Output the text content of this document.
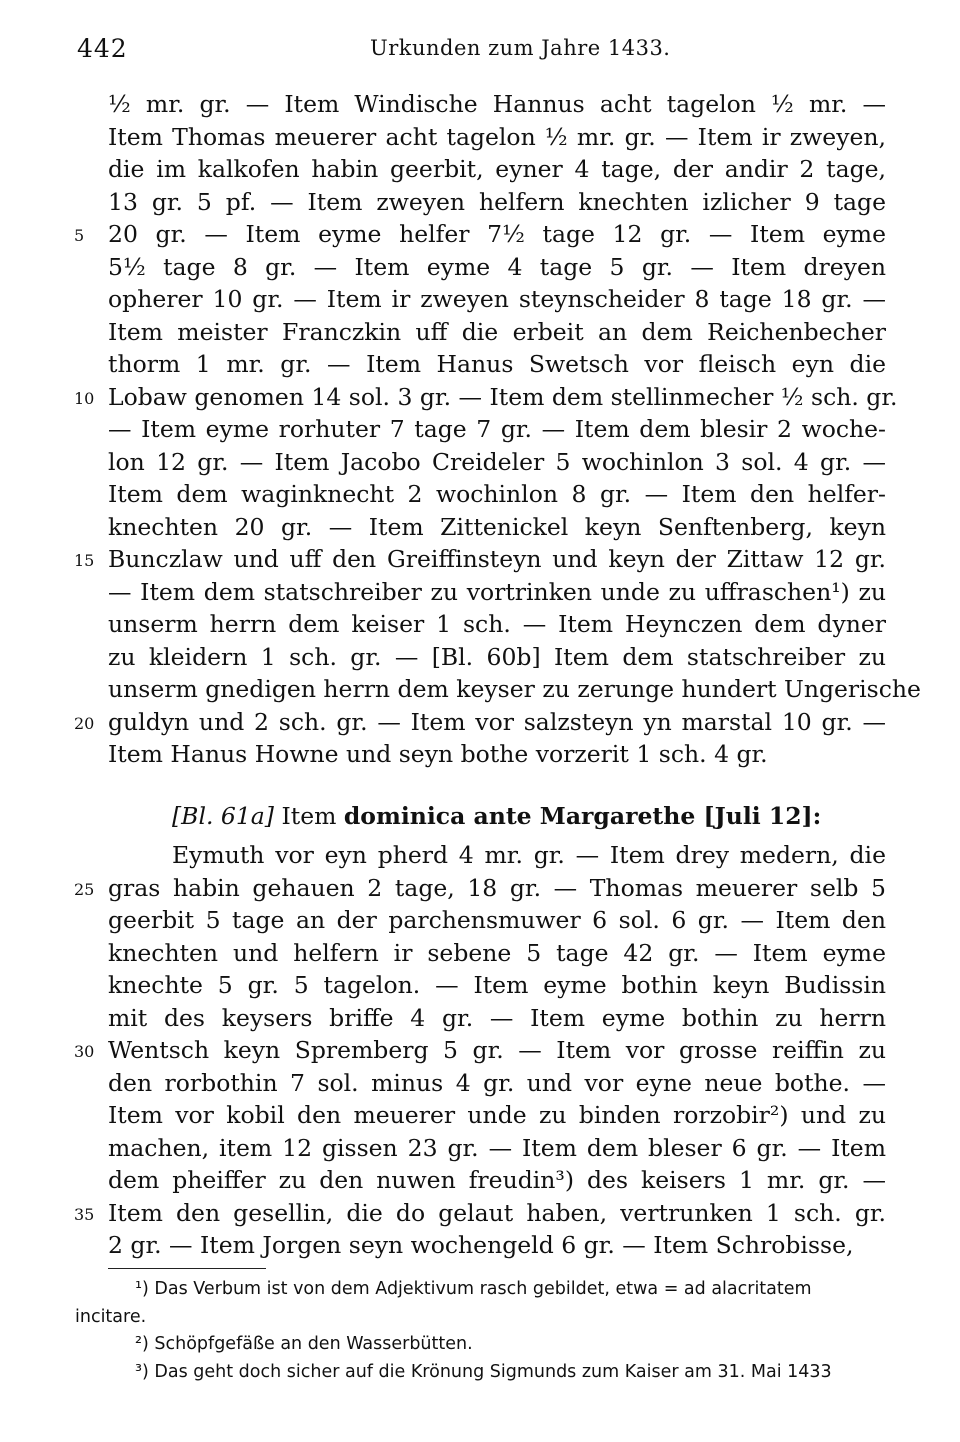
442	Urkunden zum Jahre 1433.
½ mr. gr. — Item Windische Hannus acht tagelon ½ mr. —
Item Thomas meuerer acht tagelon ½ mr. gr. — Item ir zweyen,
die im kalkofen habin geerbit, eyner 4 tage, der andir 2 tage,
13 gr. 5 pf. — Item zweyen helfern knechten izlicher 9 tage
5 20 gr. — Item eyme helfer 7½ tage 12 gr. — Item eyme
5½ tage 8 gr. — Item eyme 4 tage 5 gr. — Item dreyen
opherer 10 gr. — Item ir zweyen steynscheider 8 tage 18 gr. —
Item meister Franczkin uff die erbeit an dem Reichenbecher
thorm 1 mr. gr. — Item Hanus Swetsch vor fleisch eyn die
10 Lobaw genomen 14 sol. 3 gr. — Item dem stellinmecher ½ sch. gr.
— Item eyme rorhuter 7 tage 7 gr. — Item dem blesir 2 woche-
lon 12 gr. — Item Jacobo Creideler 5 wochinlon 3 sol. 4 gr. —
Item dem waginknecht 2 wochinlon 8 gr. — Item den helfer-
knechten 20 gr. — Item Zittenickel keyn Senftenberg, keyn
15 Bunczlaw und uff den Greiffinsteyn und keyn der Zittaw 12 gr.
— Item dem statschreiber zu vortrinken unde zu uffraschen¹) zu
unserm herrn dem keiser 1 sch. — Item Heynczen dem dyner
zu kleidern 1 sch. gr. — [Bl. 60b] Item dem statschreiber zu
unserm gnedigen herrn dem keyser zu zerunge hundert Ungerische
20 guldyn und 2 sch. gr. — Item vor salzsteyn yn marstal 10 gr. —
Item Hanus Howne und seyn bothe vorzerit 1 sch. 4 gr.
[Bl. 61a] Item dominica ante Margarethe [Juli 12]:
Eymuth vor eyn pherd 4 mr. gr. — Item drey medern, die
25 gras habin gehauen 2 tage, 18 gr. — Thomas meuerer selb 5
geerbit 5 tage an der parchensmuwer 6 sol. 6 gr. — Item den
knechten und helfern ir sebene 5 tage 42 gr. — Item eyme
knechte 5 gr. 5 tagelon. — Item eyme bothin keyn Budissin
mit des keysers briffe 4 gr. — Item eyme bothin zu herrn
30 Wentsch keyn Spremberg 5 gr. — Item vor grosse reiffin zu
den rorbothin 7 sol. minus 4 gr. und vor eyne neue bothe. —
Item vor kobil den meuerer unde zu binden rorzobir²) und zu
machen, item 12 gissen 23 gr. — Item dem bleser 6 gr. — Item
dem pheiffer zu den nuwen freudin³) des keisers 1 mr. gr. —
35 Item den gesellin, die do gelaut haben, vertrunken 1 sch. gr.
2 gr. — Item Jorgen seyn wochengeld 6 gr. — Item Schrobisse,
¹) Das Verbum ist von dem Adjektivum rasch gebildet, etwa = ad alacritatem
incitare.
²) Schöpfgefäße an den Wasserbütten.
³) Das geht doch sicher auf die Krönung Sigmunds zum Kaiser am 31. Mai 1433
